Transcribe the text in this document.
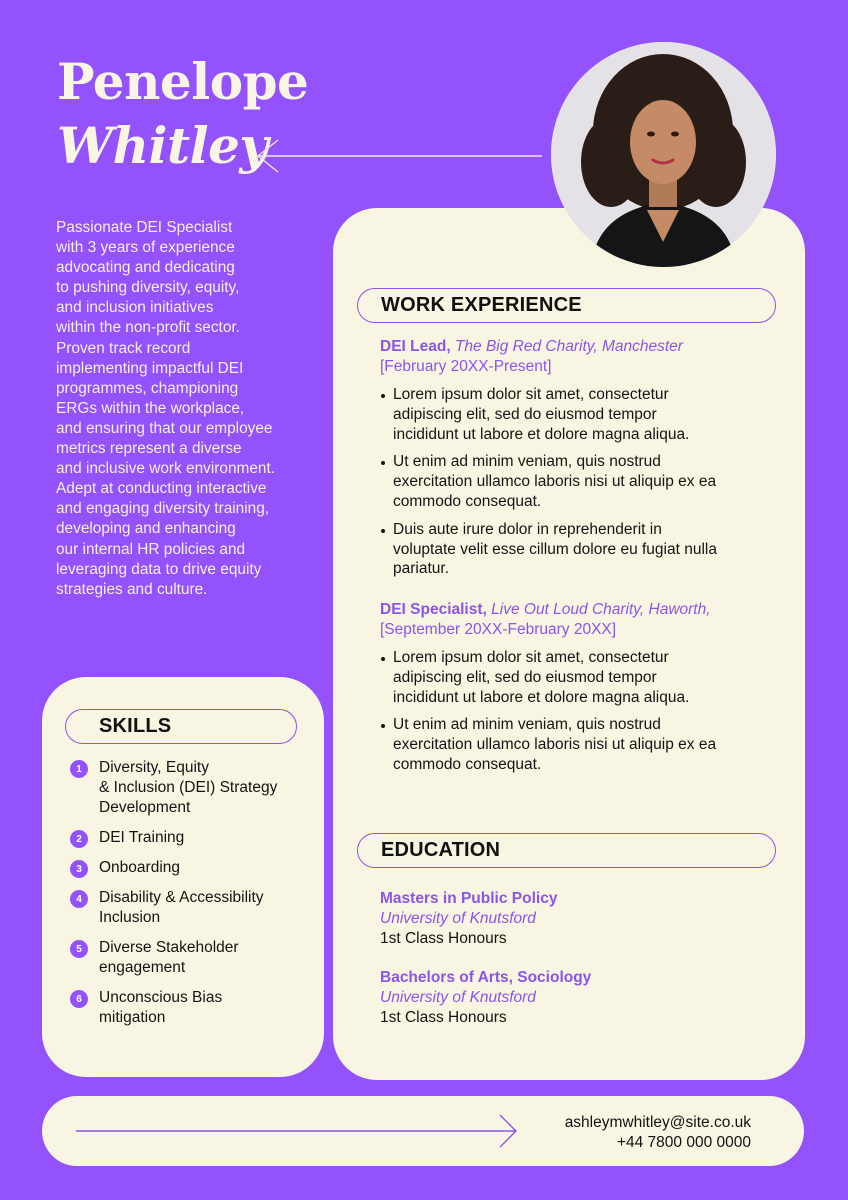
Penelope
Whitley
Passionate DEI Specialist
with 3 years of experience
advocating and dedicating
to pushing diversity, equity,
and inclusion initiatives
within the non-profit sector.
Proven track record
implementing impactful DEI
programmes, championing
ERGs within the workplace,
and ensuring that our employee
metrics represent a diverse
and inclusive work environment.
Adept at conducting interactive
and engaging diversity training,
developing and enhancing
our internal HR policies and
leveraging data to drive equity
strategies and culture.
WORK EXPERIENCE
DEI Lead, The Big Red Charity, Manchester
[February 20XX-Present]
Lorem ipsum dolor sit amet, consectetur adipiscing elit, sed do eiusmod tempor incididunt ut labore et dolore magna aliqua.
Ut enim ad minim veniam, quis nostrud exercitation ullamco laboris nisi ut aliquip ex ea commodo consequat.
Duis aute irure dolor in reprehenderit in voluptate velit esse cillum dolore eu fugiat nulla pariatur.
DEI Specialist, Live Out Loud Charity, Haworth,
[September 20XX-February 20XX]
Lorem ipsum dolor sit amet, consectetur adipiscing elit, sed do eiusmod tempor incididunt ut labore et dolore magna aliqua.
Ut enim ad minim veniam, quis nostrud exercitation ullamco laboris nisi ut aliquip ex ea commodo consequat.
EDUCATION
Masters in Public Policy
University of Knutsford
1st Class Honours
Bachelors of Arts, Sociology
University of Knutsford
1st Class Honours
SKILLS
1	Diversity, Equity
& Inclusion (DEI) Strategy
Development
2	DEI Training
3	Onboarding
4	Disability & Accessibility
Inclusion
5	Diverse Stakeholder
engagement
6	Unconscious Bias
mitigation
ashleymwhitley@site.co.uk
+44 7800 000 0000
